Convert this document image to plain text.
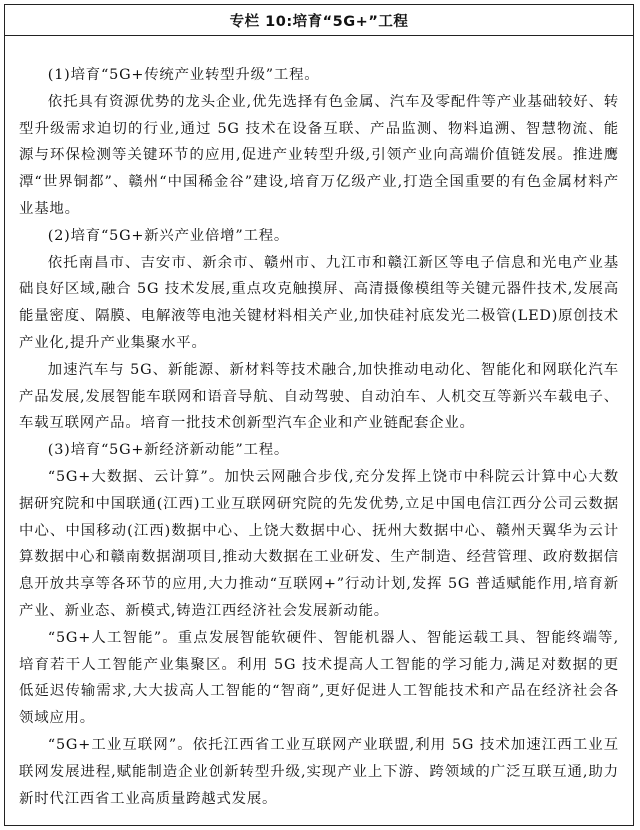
专栏 10:培育“5G+”工程

(1)培育“5G+传统产业转型升级”工程。

依托具有资源优势的龙头企业,优先选择有色金属、汽车及零配件等产业基础较好、转型升级需求迫切的行业,通过 5G 技术在设备互联、产品监测、物料追溯、智慧物流、能源与环保检测等关键环节的应用,促进产业转型升级,引领产业向高端价值链发展。推进鹰潭“世界铜都”、赣州“中国稀金谷”建设,培育万亿级产业,打造全国重要的有色金属材料产业基地。

(2)培育“5G+新兴产业倍增”工程。

依托南昌市、吉安市、新余市、赣州市、九江市和赣江新区等电子信息和光电产业基础良好区域,融合 5G 技术发展,重点攻克触摸屏、高清摄像模组等关键元器件技术,发展高能量密度、隔膜、电解液等电池关键材料相关产业,加快硅衬底发光二极管(LED)原创技术产业化,提升产业集聚水平。

加速汽车与 5G、新能源、新材料等技术融合,加快推动电动化、智能化和网联化汽车产品发展,发展智能车联网和语音导航、自动驾驶、自动泊车、人机交互等新兴车载电子、车载互联网产品。培育一批技术创新型汽车企业和产业链配套企业。

(3)培育“5G+新经济新动能”工程。

“5G+大数据、云计算”。加快云网融合步伐,充分发挥上饶市中科院云计算中心大数据研究院和中国联通(江西)工业互联网研究院的先发优势,立足中国电信江西分公司云数据中心、中国移动(江西)数据中心、上饶大数据中心、抚州大数据中心、赣州天翼华为云计算数据中心和赣南数据湖项目,推动大数据在工业研发、生产制造、经营管理、政府数据信息开放共享等各环节的应用,大力推动“互联网+”行动计划,发挥 5G 普适赋能作用,培育新产业、新业态、新模式,铸造江西经济社会发展新动能。

“5G+人工智能”。重点发展智能软硬件、智能机器人、智能运载工具、智能终端等,培育若干人工智能产业集聚区。利用 5G 技术提高人工智能的学习能力,满足对数据的更低延迟传输需求,大大拔高人工智能的“智商”,更好促进人工智能技术和产品在经济社会各领域应用。

“5G+工业互联网”。依托江西省工业互联网产业联盟,利用 5G 技术加速江西工业互联网发展进程,赋能制造企业创新转型升级,实现产业上下游、跨领域的广泛互联互通,助力新时代江西省工业高质量跨越式发展。
